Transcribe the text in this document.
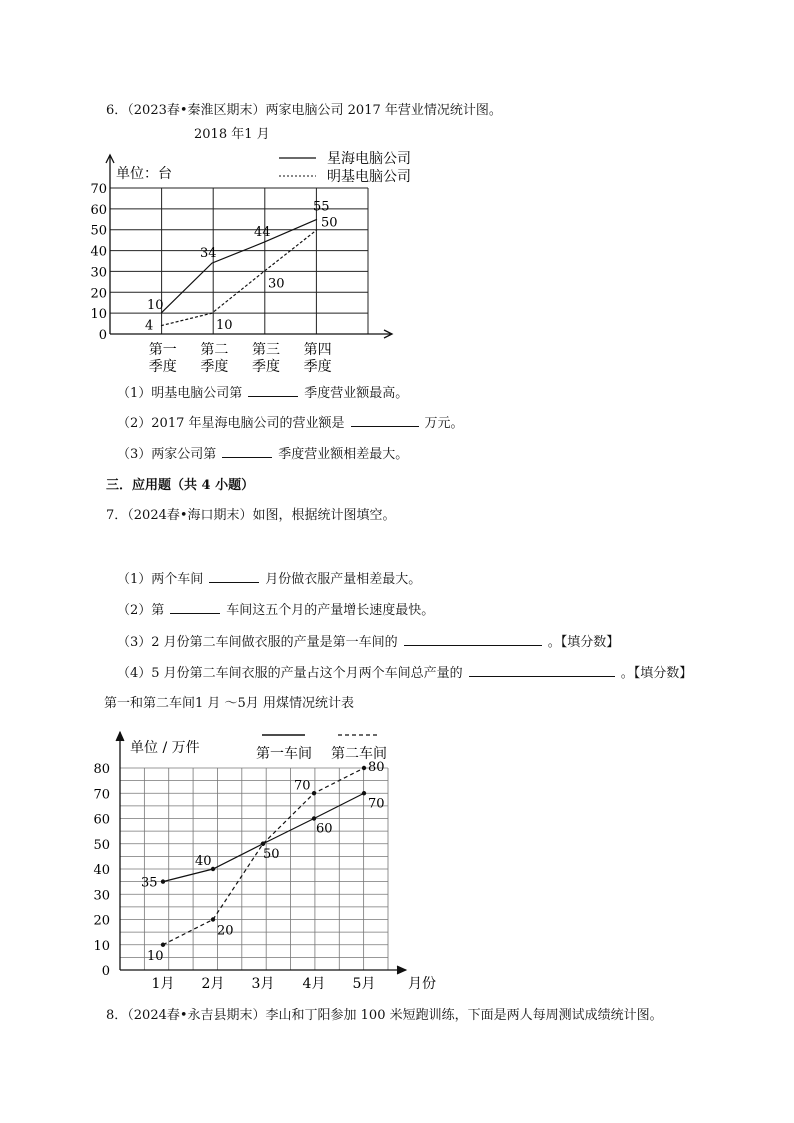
6．（2023春•秦淮区期末）两家电脑公司 2017 年营业情况统计图。
2018 年1 月
0
10
20
30
40
50
60
70
单位：台
星海电脑公司
明基电脑公司
第一
季度
第二
季度
第三
季度
第四
季度
10
34
44
55
4	10
30
50
（1）明基电脑公司第	季度营业额最高。
（2）2017 年星海电脑公司的营业额是	万元。
（3）两家公司第	季度营业额相差最大。
三．应用题（共 4 小题）
7．（2024春•海口期末）如图，根据统计图填空。
（1）两个车间	月份做衣服产量相差最大。
（2）第	车间这五个月的产量增长速度最快。
（3）2 月份第二车间做衣服的产量是第一车间的	。【填分数】
（4）5 月份第二车间衣服的产量占这个月两个车间总产量的	。【填分数】
第一和第二车间1 月 ～5月 用煤情况统计表
0
10
20
30
40
50
60
70
80
单位 / 万件	第一车间 第二车间
1月 2月 3月 4月 5月 月份
35
40	50
60
70
10
20
70
80
8．（2024春•永吉县期末）李山和丁阳参加 100 米短跑训练，下面是两人每周测试成绩统计图。
